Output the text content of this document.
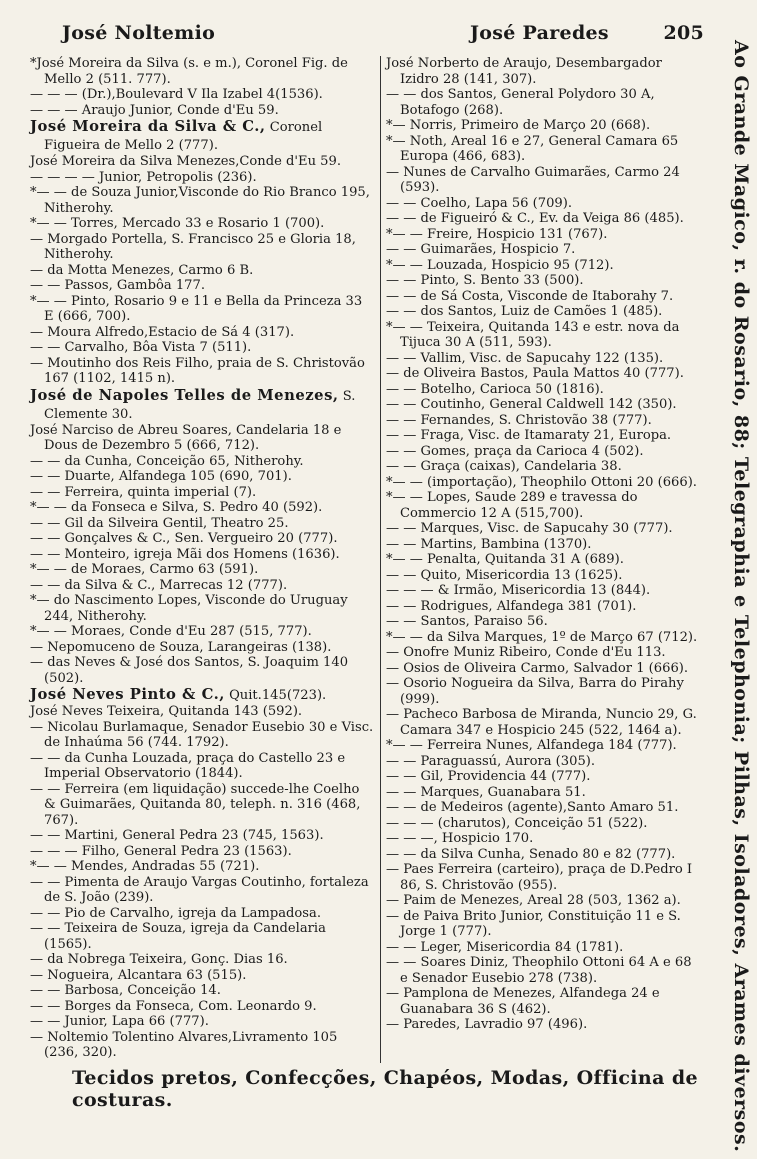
José Noltemio	José Paredes	205

*José Moreira da Silva (s. e m.), Coronel Fig. de Mello 2 (511. 777).

— — — (Dr.),Boulevard V Ila Izabel 4(1536).

— — — Araujo Junior, Conde d'Eu 59.

José Moreira da Silva & C., Coronel Figueira de Mello 2 (777).

José Moreira da Silva Menezes,Conde d'Eu 59.

— — — — Junior, Petropolis (236).

*— — de Souza Junior,Visconde do Rio Branco 195, Nitherohy.

*— — Torres, Mercado 33 e Rosario 1 (700).

— Morgado Portella, S. Francisco 25 e Gloria 18, Nitherohy.

— da Motta Menezes, Carmo 6 B.

— — Passos, Gambôa 177.

*— — Pinto, Rosario 9 e 11 e Bella da Princeza 33 E (666, 700).

— Moura Alfredo,Estacio de Sá 4 (317).

— — Carvalho, Bôa Vista 7 (511).

— Moutinho dos Reis Filho, praia de S. Christovão 167 (1102, 1415 n).

José de Napoles Telles de Menezes, S. Clemente 30.

José Narciso de Abreu Soares, Candelaria 18 e Dous de Dezembro 5 (666, 712).

— — da Cunha, Conceição 65, Nitherohy.

— — Duarte, Alfandega 105 (690, 701).

— — Ferreira, quinta imperial (7).

*— — da Fonseca e Silva, S. Pedro 40 (592).

— — Gil da Silveira Gentil, Theatro 25.

— — Gonçalves & C., Sen. Vergueiro 20 (777).

— — Monteiro, igreja Mãi dos Homens (1636).

*— — de Moraes, Carmo 63 (591).

— — da Silva & C., Marrecas 12 (777).

*— do Nascimento Lopes, Visconde do Uruguay 244, Nitherohy.

*— — Moraes, Conde d'Eu 287 (515, 777).

— Nepomuceno de Souza, Larangeiras (138).

— das Neves & José dos Santos, S. Joaquim 140 (502).

José Neves Pinto & C., Quit.145(723).

José Neves Teixeira, Quitanda 143 (592).

— Nicolau Burlamaque, Senador Eusebio 30 e Visc. de Inhaúma 56 (744. 1792).

— — da Cunha Louzada, praça do Castello 23 e Imperial Observatorio (1844).

— — Ferreira (em liquidação) succede-lhe Coelho & Guimarães, Quitanda 80, teleph. n. 316 (468, 767).

— — Martini, General Pedra 23 (745, 1563).

— — — Filho, General Pedra 23 (1563).

*— — Mendes, Andradas 55 (721).

— — Pimenta de Araujo Vargas Coutinho, fortaleza de S. João (239).

— — Pio de Carvalho, igreja da Lampadosa.

— — Teixeira de Souza, igreja da Candelaria (1565).

— da Nobrega Teixeira, Gonç. Dias 16.

— Nogueira, Alcantara 63 (515).

— — Barbosa, Conceição 14.

— — Borges da Fonseca, Com. Leonardo 9.

— — Junior, Lapa 66 (777).

— Noltemio Tolentino Alvares,Livramento 105 (236, 320).

José Norberto de Araujo, Desembargador Izidro 28 (141, 307).

— — dos Santos, General Polydoro 30 A, Botafogo (268).

*— Norris, Primeiro de Março 20 (668).

*— Noth, Areal 16 e 27, General Camara 65 Europa (466, 683).

— Nunes de Carvalho Guimarães, Carmo 24 (593).

— — Coelho, Lapa 56 (709).

— — de Figueiró & C., Ev. da Veiga 86 (485).

*— — Freire, Hospicio 131 (767).

— — Guimarães, Hospicio 7.

*— — Louzada, Hospicio 95 (712).

— — Pinto, S. Bento 33 (500).

— — de Sá Costa, Visconde de Itaborahy 7.

— — dos Santos, Luiz de Camões 1 (485).

*— — Teixeira, Quitanda 143 e estr. nova da Tijuca 30 A (511, 593).

— — Vallim, Visc. de Sapucahy 122 (135).

— de Oliveira Bastos, Paula Mattos 40 (777).

— — Botelho, Carioca 50 (1816).

— — Coutinho, General Caldwell 142 (350).

— — Fernandes, S. Christovão 38 (777).

— — Fraga, Visc. de Itamaraty 21, Europa.

— — Gomes, praça da Carioca 4 (502).

— — Graça (caixas), Candelaria 38.

*— — (importação), Theophilo Ottoni 20 (666).

*— — Lopes, Saude 289 e travessa do Commercio 12 A (515,700).

— — Marques, Visc. de Sapucahy 30 (777).

— — Martins, Bambina (1370).

*— — Penalta, Quitanda 31 A (689).

— — Quito, Misericordia 13 (1625).

— — — & Irmão, Misericordia 13 (844).

— — Rodrigues, Alfandega 381 (701).

— — Santos, Paraiso 56.

*— — da Silva Marques, 1º de Março 67 (712).

— Onofre Muniz Ribeiro, Conde d'Eu 113.

— Osios de Oliveira Carmo, Salvador 1 (666).

— Osorio Nogueira da Silva, Barra do Pirahy (999).

— Pacheco Barbosa de Miranda, Nuncio 29, G. Camara 347 e Hospicio 245 (522, 1464 a).

*— — Ferreira Nunes, Alfandega 184 (777).

— — Paraguassú, Aurora (305).

— — Gil, Providencia 44 (777).

— — Marques, Guanabara 51.

— — de Medeiros (agente),Santo Amaro 51.

— — — (charutos), Conceição 51 (522).

— — —, Hospicio 170.

— — da Silva Cunha, Senado 80 e 82 (777).

— Paes Ferreira (carteiro), praça de D.Pedro I 86, S. Christovão (955).

— Paim de Menezes, Areal 28 (503, 1362 a).

— de Paiva Brito Junior, Constituição 11 e S. Jorge 1 (777).

— — Leger, Misericordia 84 (1781).

— — Soares Diniz, Theophilo Ottoni 64 A e 68 e Senador Eusebio 278 (738).

— Pamplona de Menezes, Alfandega 24 e Guanabara 36 S (462).

— Paredes, Lavradio 97 (496).	Ao Grande Magico, r. do Rosario, 88; Telegraphia e Telephonia; Pilhas, Isoladores, Arames diversos.
Tecidos pretos, Confecções, Chapéos, Modas, Officina de costuras.
